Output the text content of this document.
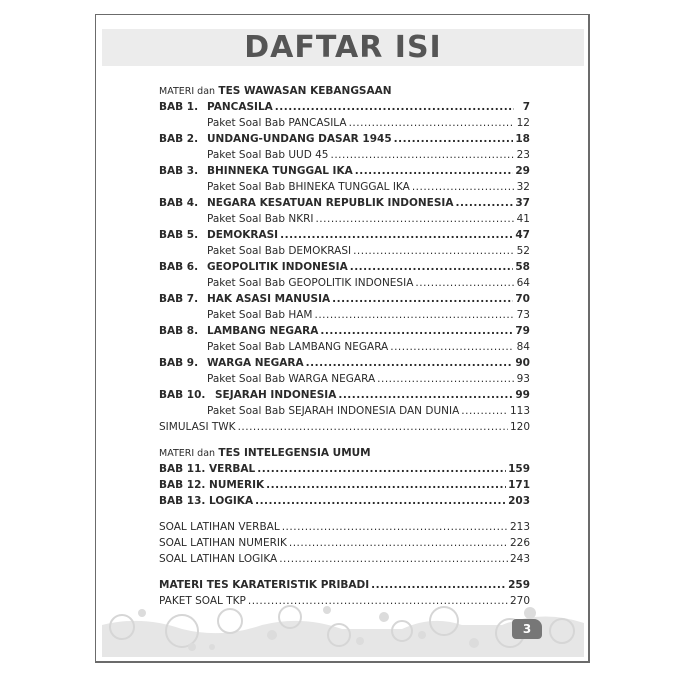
DAFTAR ISI
MATERI dan TES WAWASAN KEBANGSAAN
BAB 1. PANCASILA .....	7
Paket Soal Bab PANCASILA .....	12
BAB 2. UNDANG-UNDANG DASAR 1945 .....	18
Paket Soal Bab UUD 45 .....	23
BAB 3. BHINNEKA TUNGGAL IKA .....	29
Paket Soal Bab BHINEKA TUNGGAL IKA .....	32
BAB 4. NEGARA KESATUAN REPUBLIK INDONESIA .....	37
Paket Soal Bab NKRI .....	41
BAB 5. DEMOKRASI .....	47
Paket Soal Bab DEMOKRASI .....	52
BAB 6. GEOPOLITIK INDONESIA .....	58
Paket Soal Bab GEOPOLITIK INDONESIA .....	64
BAB 7. HAK ASASI MANUSIA .....	70
Paket Soal Bab HAM .....	73
BAB 8. LAMBANG NEGARA .....	79
Paket Soal Bab LAMBANG NEGARA .....	84
BAB 9. WARGA NEGARA .....	90
Paket Soal Bab WARGA NEGARA .....	93
BAB 10. SEJARAH INDONESIA .....	99
Paket Soal Bab SEJARAH INDONESIA DAN DUNIA .....	113
SIMULASI TWK .....	120
MATERI dan TES INTELEGENSIA UMUM
BAB 11. VERBAL .....	159
BAB 12. NUMERIK .....	171
BAB 13. LOGIKA .....	203
SOAL LATIHAN VERBAL .....	213
SOAL LATIHAN NUMERIK .....	226
SOAL LATIHAN LOGIKA .....	243
MATERI TES KARATERISTIK PRIBADI .....	259
PAKET SOAL TKP .....	270
3
